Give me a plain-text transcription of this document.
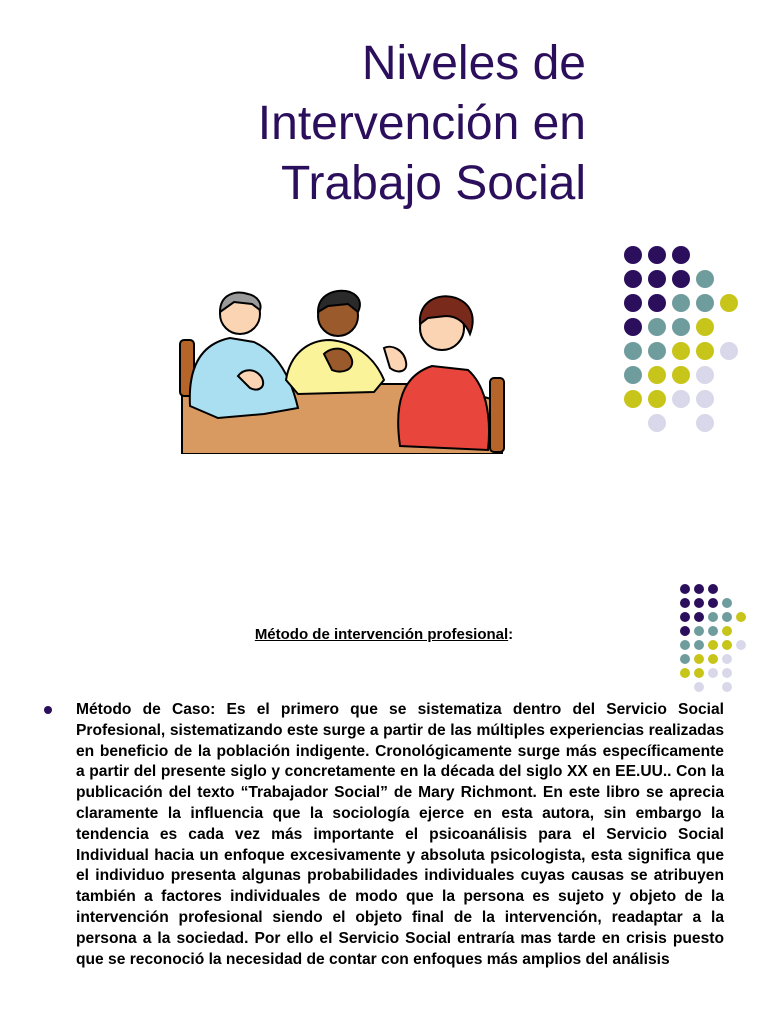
Niveles de
Intervención en
Trabajo Social
Método de intervención profesional:

Método de Caso: Es el primero que se sistematiza dentro del Servicio Social Profesional, sistematizando este surge a partir de las múltiples experiencias realizadas en beneficio de la población indigente. Cronológicamente surge más específicamente a partir del presente siglo y concretamente en la década del siglo XX en EE.UU.. Con la publicación del texto “Trabajador Social” de Mary Richmont. En este libro se aprecia claramente la influencia que la sociología ejerce en esta autora, sin embargo la tendencia es cada vez más importante el psicoanálisis para el Servicio Social Individual hacia un enfoque excesivamente y absoluta psicologista, esta significa que el individuo presenta algunas probabilidades individuales cuyas causas se atribuyen también a factores individuales de modo que la persona es sujeto y objeto de la intervención profesional siendo el objeto final de la intervención, readaptar a la persona a la sociedad. Por ello el Servicio Social entraría mas tarde en crisis puesto que se reconoció la necesidad de contar con enfoques más amplios del análisis
